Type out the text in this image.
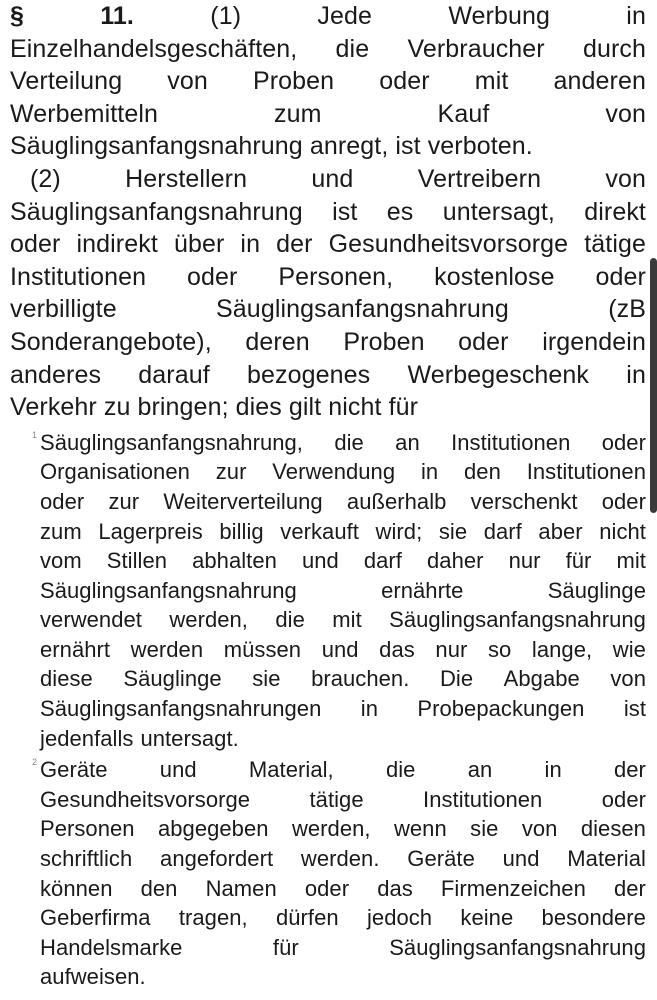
§	11.	(1)	Jede	Werbung	in
Einzelhandelsgeschäften, die Verbraucher durch
Verteilung von Proben oder mit anderen
Werbemitteln	zum	Kauf	von
Säuglingsanfangsnahrung anregt, ist verboten.
(2)	Herstellern	und	Vertreibern	von
Säuglingsanfangsnahrung ist es untersagt, direkt
oder indirekt über in der Gesundheitsvorsorge tätige
Institutionen oder Personen, kostenlose oder
verbilligte	Säuglingsanfangsnahrung	(zB
Sonderangebote), deren Proben oder irgendein
anderes darauf bezogenes Werbegeschenk in
Verkehr zu bringen; dies gilt nicht für
1 Säuglingsanfangsnahrung, die an Institutionen oder
Organisationen zur Verwendung in den Institutionen
oder zur Weiterverteilung außerhalb verschenkt oder
zum Lagerpreis billig verkauft wird; sie darf aber nicht
vom Stillen abhalten und darf daher nur für mit
Säuglingsanfangsnahrung	ernährte	Säuglinge
verwendet werden, die mit Säuglingsanfangsnahrung
ernährt werden müssen und das nur so lange, wie
diese Säuglinge sie brauchen. Die Abgabe von
Säuglingsanfangsnahrungen in Probepackungen ist
jedenfalls untersagt.
2 Geräte und Material, die an in der
Gesundheitsvorsorge	tätige	Institutionen	oder
Personen abgegeben werden, wenn sie von diesen
schriftlich angefordert werden. Geräte und Material
können den Namen oder das Firmenzeichen der
Geberfirma tragen, dürfen jedoch keine besondere
Handelsmarke	für	Säuglingsanfangsnahrung
aufweisen.
